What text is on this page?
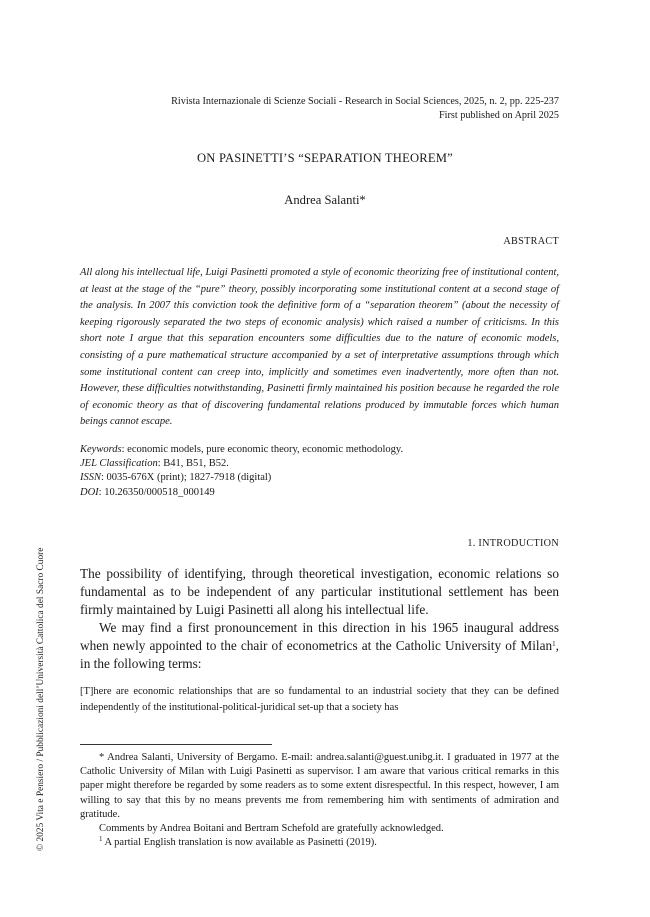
Rivista Internazionale di Scienze Sociali - Research in Social Sciences, 2025, n. 2, pp. 225-237
First published on April 2025
ON PASINETTI’S “SEPARATION THEOREM”
Andrea Salanti*
ABSTRACT
All along his intellectual life, Luigi Pasinetti promoted a style of economic theorizing free of institutional content, at least at the stage of the “pure” theory, possibly incorporating some institutional content at a second stage of the analysis. In 2007 this conviction took the definitive form of a “separation theorem” (about the necessity of keeping rigorously separated the two steps of economic analysis) which raised a number of criticisms. In this short note I argue that this separation encounters some difficulties due to the nature of economic models, consisting of a pure mathematical structure accompanied by a set of interpretative assumptions through which some institutional content can creep into, implicitly and sometimes even inadvertently, more often than not. However, these difficulties notwithstanding, Pasinetti firmly maintained his position because he regarded the role of economic theory as that of discovering fundamental relations produced by immutable forces which human beings cannot escape.
Keywords: economic models, pure economic theory, economic methodology.
JEL Classification: B41, B51, B52.
ISSN: 0035-676X (print); 1827-7918 (digital)
DOI: 10.26350/000518_000149
1. INTRODUCTION

The possibility of identifying, through theoretical investigation, economic relations so fundamental as to be independent of any particular institutional settlement has been firmly maintained by Luigi Pasinetti all along his intellectual life.

We may find a first pronouncement in this direction in his 1965 inaugural address when newly appointed to the chair of econometrics at the Catholic University of Milan$^1$, in the following terms:

[T]here are economic relationships that are so fundamental to an industrial society that they can be defined independently of the institutional-political-juridical set-up that a society has

* Andrea Salanti, University of Bergamo. E-mail: andrea.salanti@guest.unibg.it. I graduated in 1977 at the Catholic University of Milan with Luigi Pasinetti as supervisor. I am aware that various critical remarks in this paper might therefore be regarded by some readers as to some extent disrespectful. In this respect, however, I am willing to say that this by no means prevents me from remembering him with sentiments of admiration and gratitude.

Comments by Andrea Boitani and Bertram Schefold are gratefully acknowledged.

$^1$ A partial English translation is now available as Pasinetti (2019).

© 2025 Vita e Pensiero / Pubblicazioni dell’Università Cattolica del Sacro Cuore
